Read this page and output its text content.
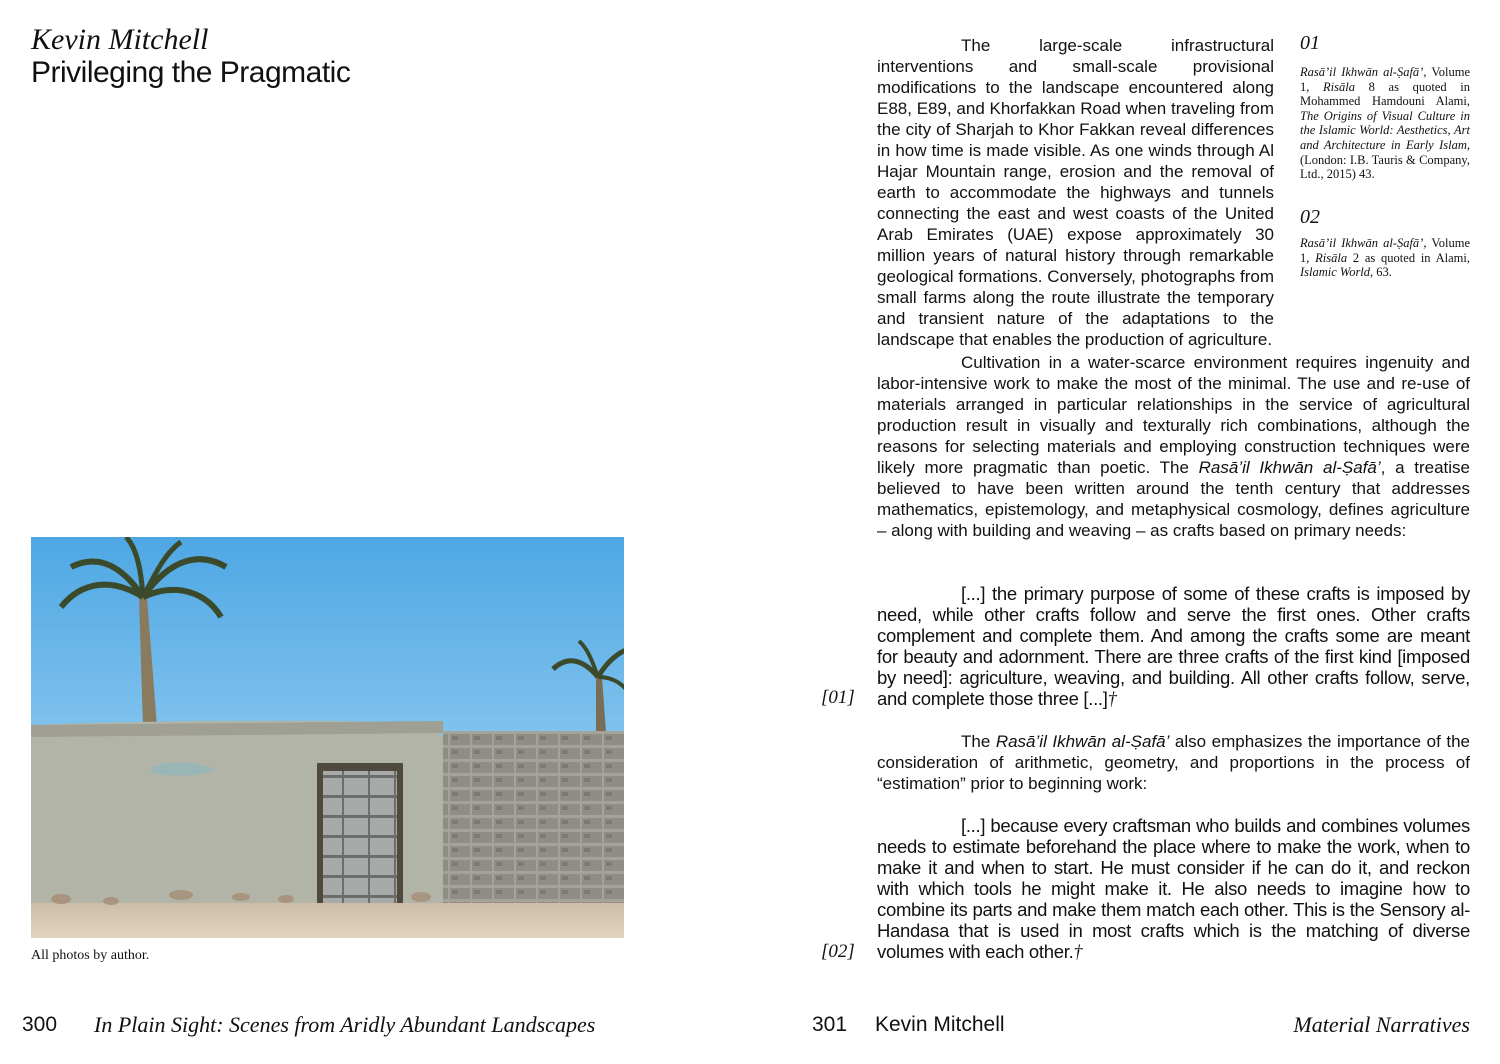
Kevin Mitchell
Privileging the Pragmatic
All photos by author.
300 In Plain Sight: Scenes from Aridly Abundant Landscapes
The large-scale infrastructural interventions and small-scale provisional modifications to the landscape encountered along E88, E89, and Khorfakkan Road when traveling from the city of Sharjah to Khor Fakkan reveal differences in how time is made visible. As one winds through Al Hajar Mountain range, erosion and the removal of earth to accommodate the highways and tunnels connecting the east and west coasts of the United Arab Emirates (UAE) expose approximately 30 million years of natural history through remarkable geological formations. Conversely, photographs from small farms along the route illustrate the temporary and transient nature of the adaptations to the landscape that enables the production of agriculture.
Cultivation in a water-scarce environment requires ingenuity and labor-intensive work to make the most of the minimal. The use and re-use of materials arranged in particular relationships in the service of agricultural production result in visually and texturally rich combinations, although the reasons for selecting materials and employing construction techniques were likely more pragmatic than poetic. The Rasā’il Ikhwān al-Ṣafā’, a treatise believed to have been written around the tenth century that addresses mathematics, epistemology, and metaphysical cosmology, defines agriculture – along with building and weaving – as crafts based on primary needs:
[...] the primary purpose of some of these crafts is imposed by need, while other crafts follow and serve the first ones. Other crafts complement and complete them. And among the crafts some are meant for beauty and adornment. There are three crafts of the first kind [imposed by need]: agriculture, weaving, and building. All other crafts follow, serve, and complete those three [...]†
The Rasā’il Ikhwān al-Ṣafā’ also emphasizes the importance of the consideration of arithmetic, geometry, and proportions in the process of “estimation” prior to beginning work:
[...] because every craftsman who builds and combines volumes needs to estimate beforehand the place where to make the work, when to make it and when to start. He must consider if he can do it, and reckon with which tools he might make it. He also needs to imagine how to combine its parts and make them match each other. This is the Sensory al-Handasa that is used in most crafts which is the matching of diverse volumes with each other.†
[01]
[02]
01
Rasā’il Ikhwān al-Ṣafā’, Volume 1, Risāla 8 as quoted in Mohammed Hamdouni Alami, The Origins of Visual Culture in the Islamic World: Aesthetics, Art and Architecture in Early Islam, (London: I.B. Tauris & Company, Ltd., 2015) 43.
02
Rasā’il Ikhwān al-Ṣafā’, Volume 1, Risāla 2 as quoted in Alami, Islamic World, 63.
301 Kevin Mitchell	Material Narratives
